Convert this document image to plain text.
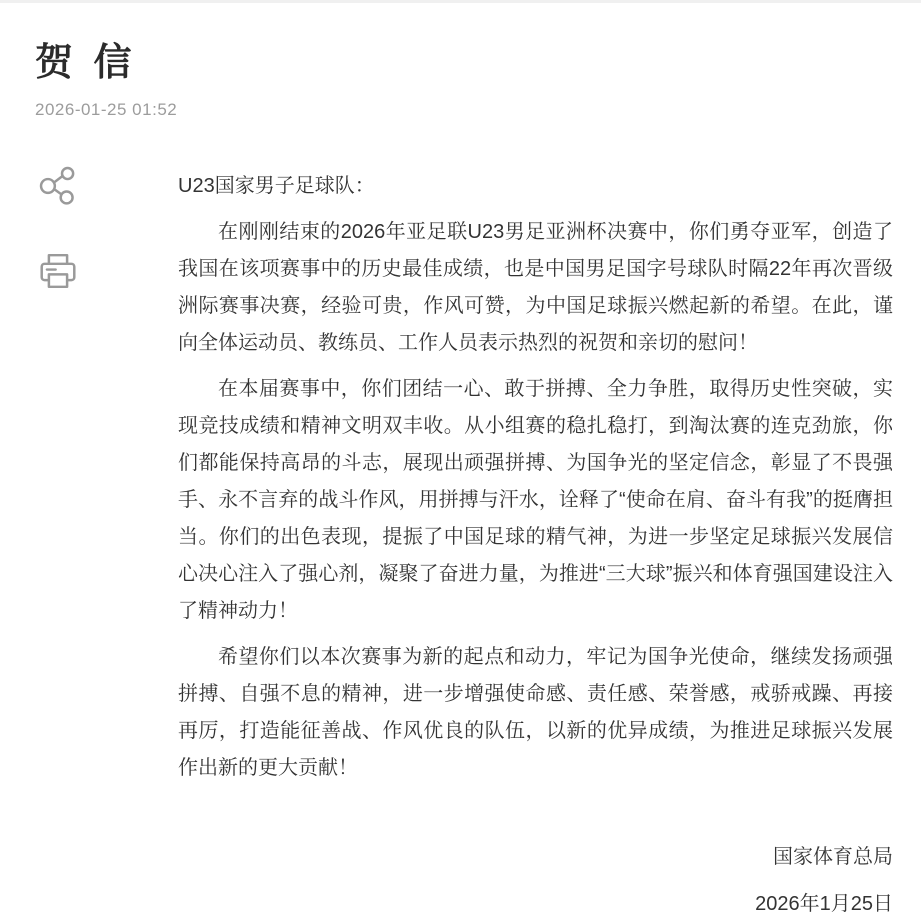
贺 信
2026-01-25 01:52

U23国家男子足球队：

在刚刚结束的2026年亚足联U23男足亚洲杯决赛中，你们勇夺亚军，创造了我国在该项赛事中的历史最佳成绩，也是中国男足国字号球队时隔22年再次晋级洲际赛事决赛，经验可贵，作风可赞，为中国足球振兴燃起新的希望。在此，谨向全体运动员、教练员、工作人员表示热烈的祝贺和亲切的慰问！

在本届赛事中，你们团结一心、敢于拼搏、全力争胜，取得历史性突破，实现竞技成绩和精神文明双丰收。从小组赛的稳扎稳打，到淘汰赛的连克劲旅，你们都能保持高昂的斗志，展现出顽强拼搏、为国争光的坚定信念，彰显了不畏强手、永不言弃的战斗作风，用拼搏与汗水，诠释了“使命在肩、奋斗有我”的挺膺担当。你们的出色表现，提振了中国足球的精气神，为进一步坚定足球振兴发展信心决心注入了强心剂，凝聚了奋进力量，为推进“三大球”振兴和体育强国建设注入了精神动力！

希望你们以本次赛事为新的起点和动力，牢记为国争光使命，继续发扬顽强拼搏、自强不息的精神，进一步增强使命感、责任感、荣誉感，戒骄戒躁、再接再厉，打造能征善战、作风优良的队伍，以新的优异成绩，为推进足球振兴发展作出新的更大贡献！

国家体育总局
2026年1月25日
